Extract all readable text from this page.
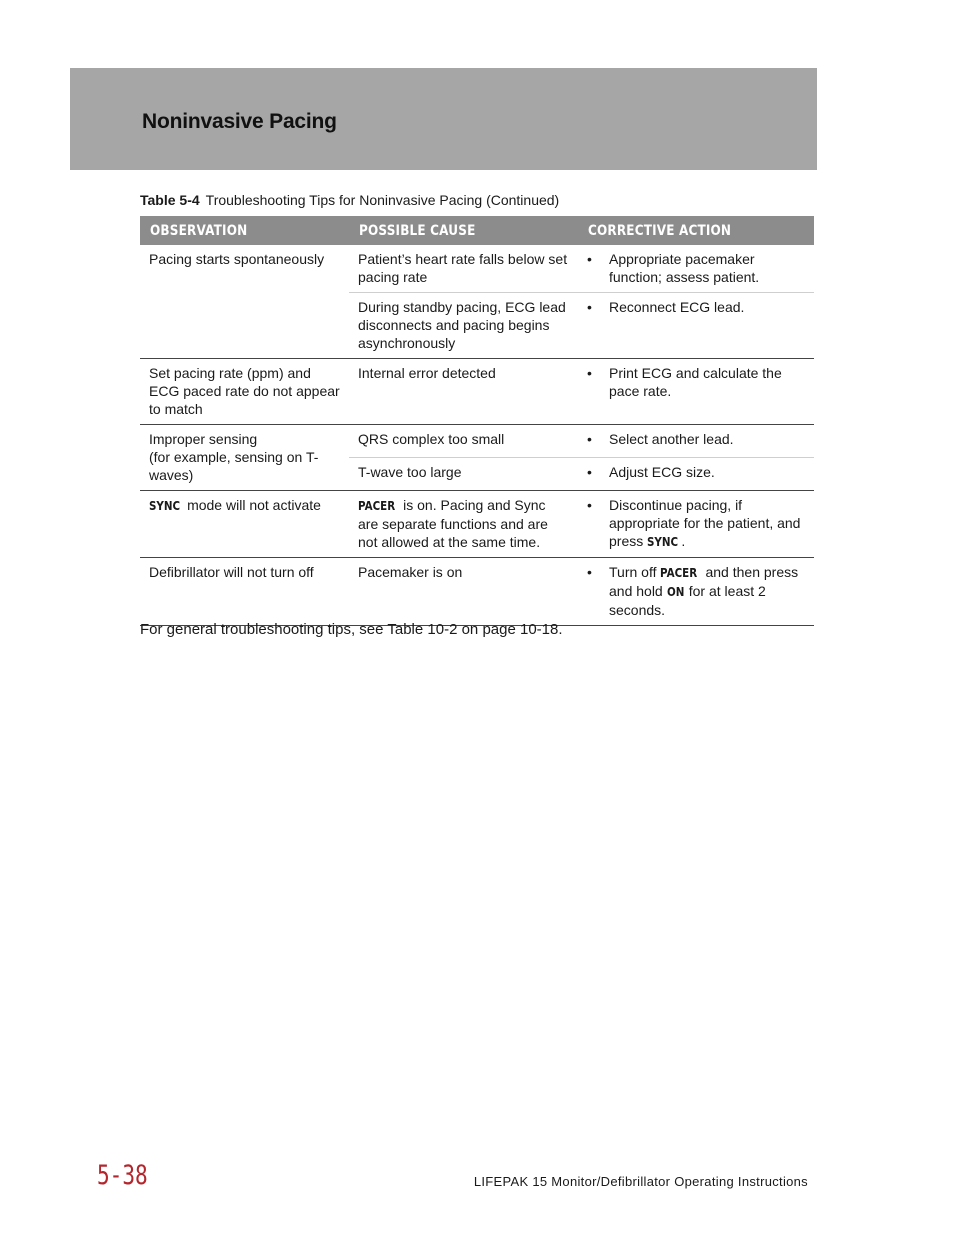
Noninvasive Pacing
Table 5-4 Troubleshooting Tips for Noninvasive Pacing (Continued)
OBSERVATION	POSSIBLE CAUSE	CORRECTIVE ACTION
Pacing starts spontaneously	Patient’s heart rate falls below set pacing rate	• Appropriate pacemaker function; assess patient.

	During standby pacing, ECG lead disconnects and pacing begins asynchronously	• Reconnect ECG lead.

Set pacing rate (ppm) and ECG paced rate do not appear to match	Internal error detected	• Print ECG and calculate the pace rate.

Improper sensing
(for example, sensing on T-waves)	QRS complex too small	• Select another lead.

	T-wave too large	• Adjust ECG size.

SYNC mode will not activate	PACER is on. Pacing and Sync are separate functions and are not allowed at the same time.	• Discontinue pacing, if appropriate for the patient, and press SYNC .

Defibrillator will not turn off	Pacemaker is on	• Turn off PACER and then press and hold ON for at least 2 seconds.
For general troubleshooting tips, see Table 10-2 on page 10-18.
5-38	LIFEPAK 15 Monitor/Defibrillator Operating Instructions
